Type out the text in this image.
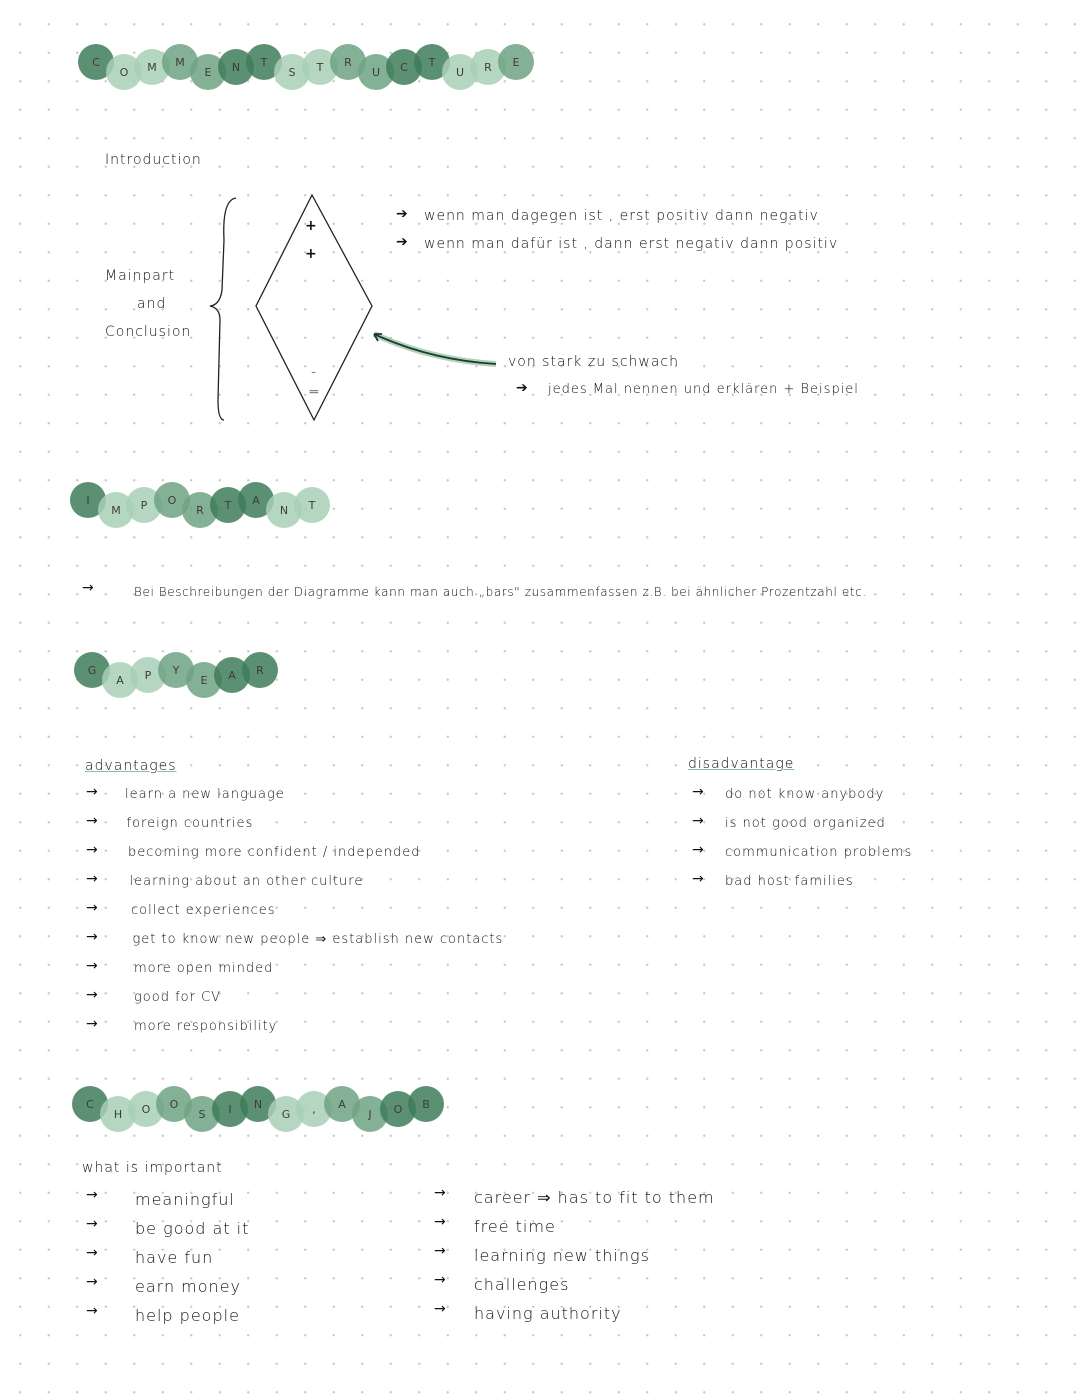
C
O	M	M
E	N	T
S	T	R
U	C	T
U	R	E
I
M	P	O
R	T	A
N	T
G
A	P	Y
E	A	R
C
H	O	O
S	I	N
G	,	A
J	O	B
Introduction
Mainpart
and
Conclusion
+
+
-
=
➔ wenn man dagegen ist , erst positiv dann negativ
➔ wenn man dafür ist , dann erst negativ dann positiv
von stark zu schwach
➔ jedes Mal nennen und erklären + Beispiel
→	Bei Beschreibungen der Diagramme kann man auch „bars" zusammenfassen z.B. bei ähnlicher Prozentzahl etc.
advantages
→ learn a new language
→ foreign countries
→ becoming more confident / independed
→ learning about an other culture
→	collect experiences
→	get to know new people ⇒ establish new contacts
→	more open minded
→	good for CV
→	more responsibility
disadvantage
→ do not know anybody
→ is not good organized
→ communication problems
→ bad host families
what is important
→ meaningful
→ be good at it
→ have fun
→ earn money
→ help people
→ career ⇒ has to fit to them
→ free time
→ learning new things
→ challenges
→ having authority
